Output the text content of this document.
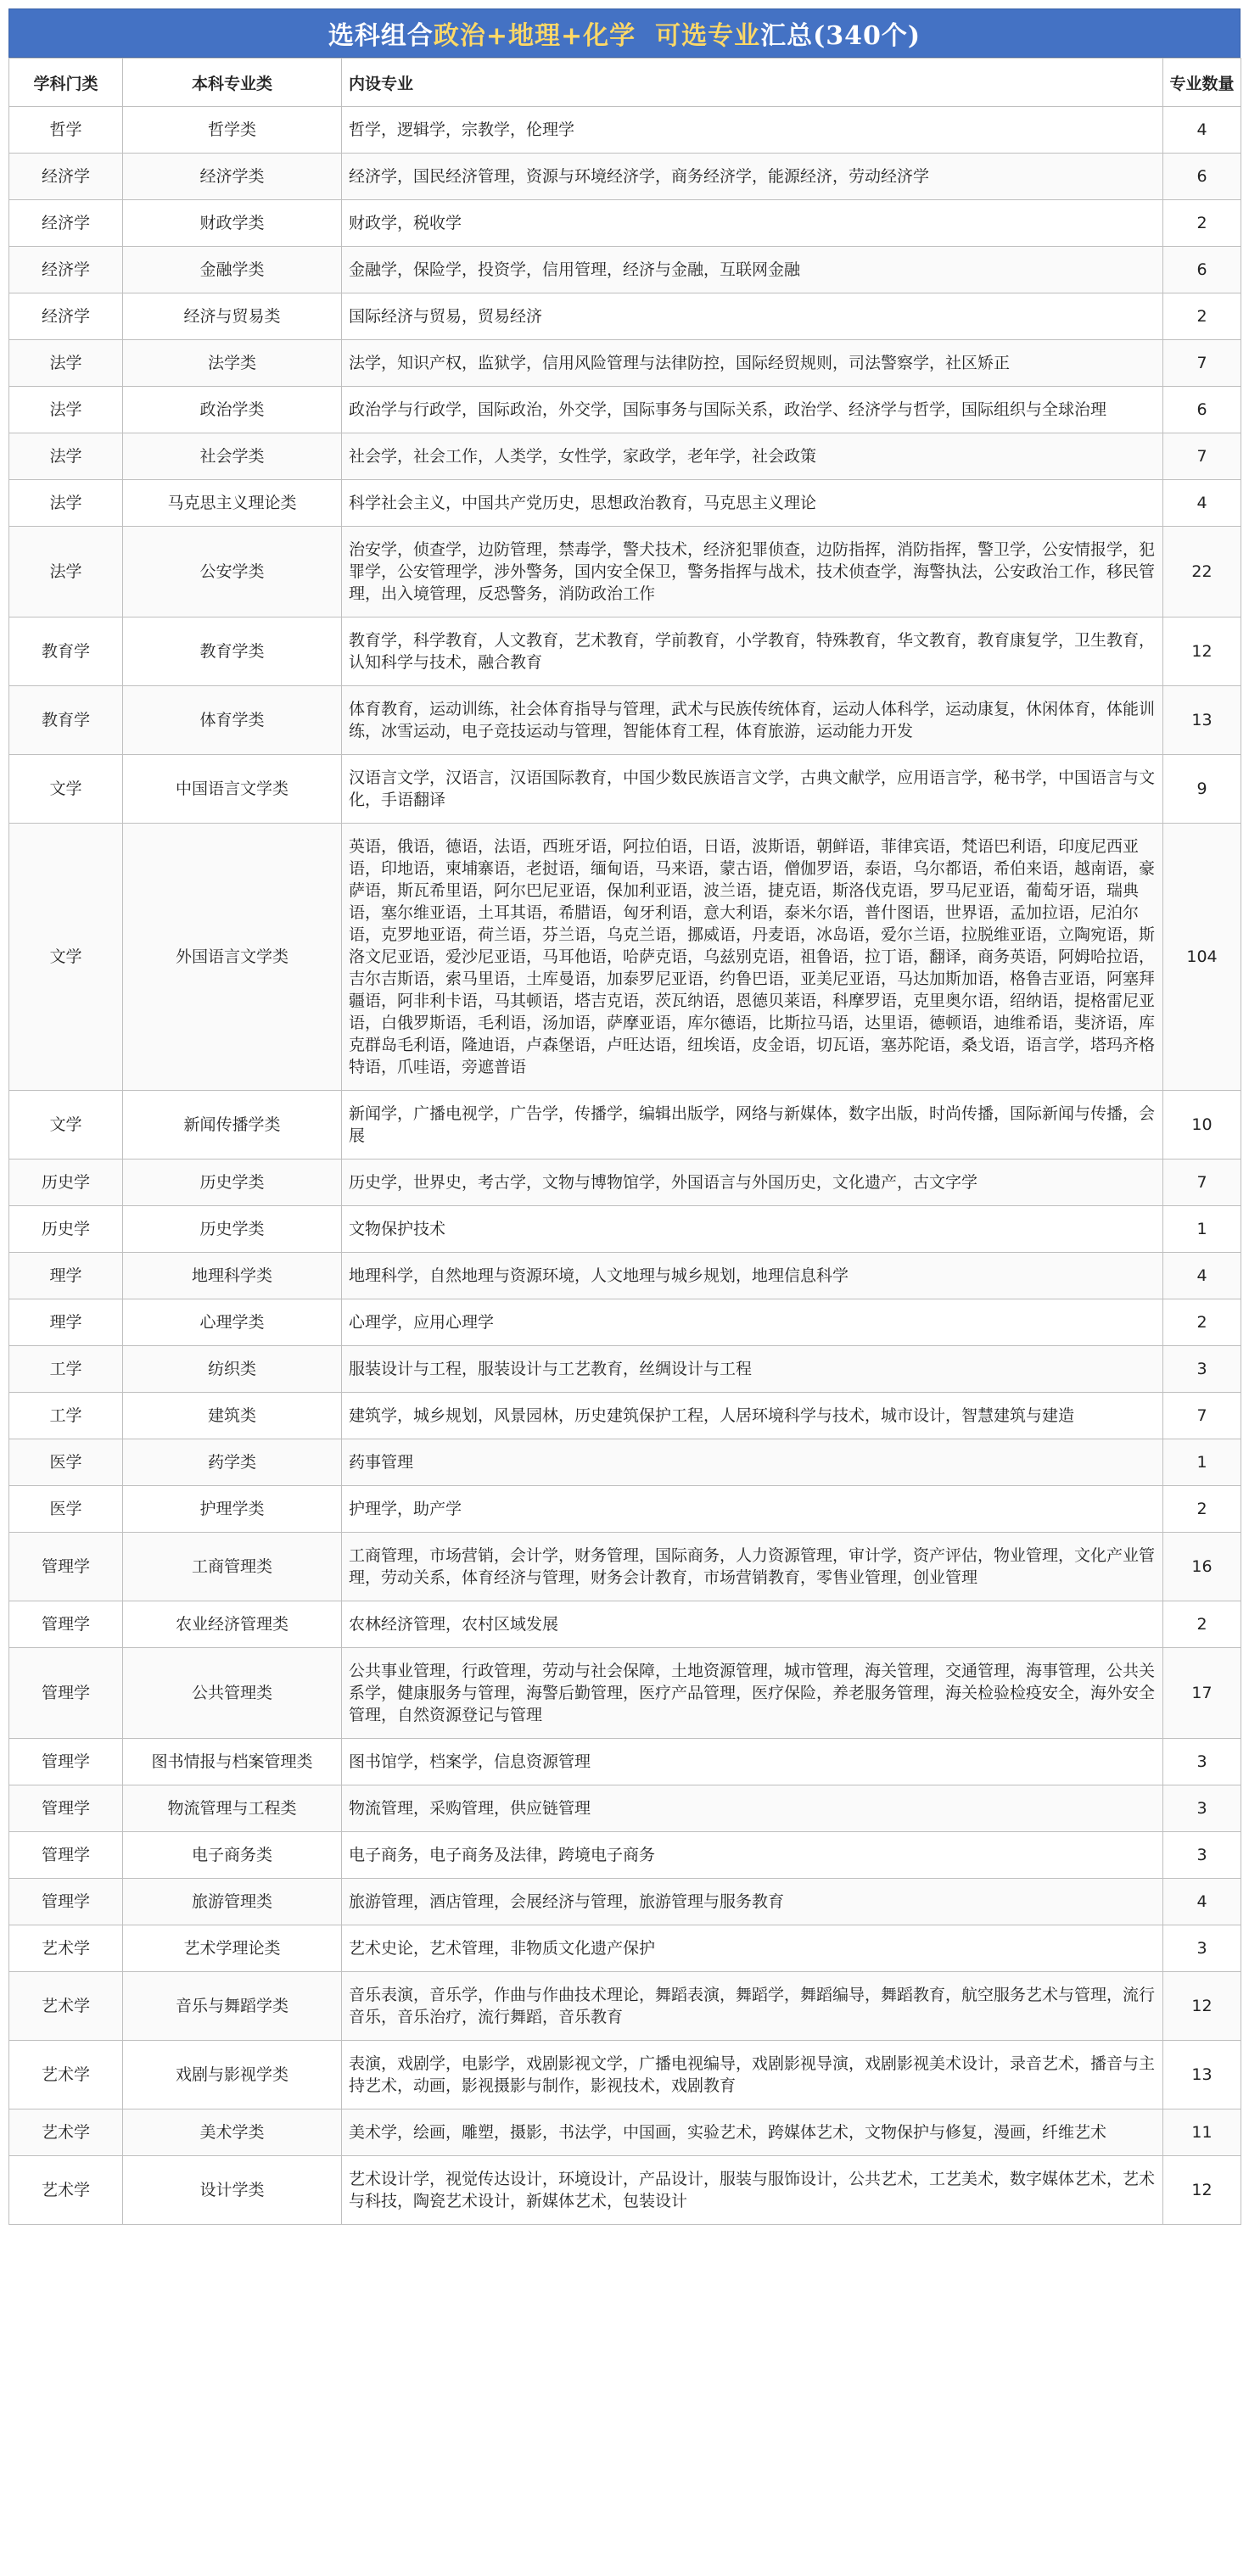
选科组合政治+地理+化学 可选专业汇总(340个)
学科门类	本科专业类	内设专业	专业数量
哲学	哲学类	哲学，逻辑学，宗教学，伦理学	4
经济学	经济学类	经济学，国民经济管理，资源与环境经济学，商务经济学，能源经济，劳动经济学	6
经济学	财政学类	财政学，税收学	2
经济学	金融学类	金融学，保险学，投资学，信用管理，经济与金融，互联网金融	6
经济学	经济与贸易类	国际经济与贸易，贸易经济	2
法学	法学类	法学，知识产权，监狱学，信用风险管理与法律防控，国际经贸规则，司法警察学，社区矫正	7
法学	政治学类	政治学与行政学，国际政治，外交学，国际事务与国际关系，政治学、经济学与哲学，国际组织与全球治理	6
法学	社会学类	社会学，社会工作，人类学，女性学，家政学，老年学，社会政策	7
法学	马克思主义理论类	科学社会主义，中国共产党历史，思想政治教育，马克思主义理论	4
法学	公安学类	治安学，侦查学，边防管理，禁毒学，警犬技术，经济犯罪侦查，边防指挥，消防指挥，警卫学，公安情报学，犯罪学，公安管理学，涉外警务，国内安全保卫，警务指挥与战术，技术侦查学，海警执法，公安政治工作，移民管理，出入境管理，反恐警务，消防政治工作	22
教育学	教育学类	教育学，科学教育，人文教育，艺术教育，学前教育，小学教育，特殊教育，华文教育，教育康复学，卫生教育，认知科学与技术，融合教育	12
教育学	体育学类	体育教育，运动训练，社会体育指导与管理，武术与民族传统体育，运动人体科学，运动康复，休闲体育，体能训练，冰雪运动，电子竞技运动与管理，智能体育工程，体育旅游，运动能力开发	13
文学	中国语言文学类	汉语言文学，汉语言，汉语国际教育，中国少数民族语言文学，古典文献学，应用语言学，秘书学，中国语言与文化，手语翻译	9
文学	外国语言文学类	英语，俄语，德语，法语，西班牙语，阿拉伯语，日语，波斯语，朝鲜语，菲律宾语，梵语巴利语，印度尼西亚语，印地语，柬埔寨语，老挝语，缅甸语，马来语，蒙古语，僧伽罗语，泰语，乌尔都语，希伯来语，越南语，豪萨语，斯瓦希里语，阿尔巴尼亚语，保加利亚语，波兰语，捷克语，斯洛伐克语，罗马尼亚语，葡萄牙语，瑞典语，塞尔维亚语，土耳其语，希腊语，匈牙利语，意大利语，泰米尔语，普什图语，世界语，孟加拉语，尼泊尔语，克罗地亚语，荷兰语，芬兰语，乌克兰语，挪威语，丹麦语，冰岛语，爱尔兰语，拉脱维亚语，立陶宛语，斯洛文尼亚语，爱沙尼亚语，马耳他语，哈萨克语，乌兹别克语，祖鲁语，拉丁语，翻译，商务英语，阿姆哈拉语，吉尔吉斯语，索马里语，土库曼语，加泰罗尼亚语，约鲁巴语，亚美尼亚语，马达加斯加语，格鲁吉亚语，阿塞拜疆语，阿非利卡语，马其顿语，塔吉克语，茨瓦纳语，恩德贝莱语，科摩罗语，克里奥尔语，绍纳语，提格雷尼亚语，白俄罗斯语，毛利语，汤加语，萨摩亚语，库尔德语，比斯拉马语，达里语，德顿语，迪维希语，斐济语，库克群岛毛利语，隆迪语，卢森堡语，卢旺达语，纽埃语，皮金语，切瓦语，塞苏陀语，桑戈语，语言学，塔玛齐格特语，爪哇语，旁遮普语	104
文学	新闻传播学类	新闻学，广播电视学，广告学，传播学，编辑出版学，网络与新媒体，数字出版，时尚传播，国际新闻与传播，会展	10
历史学	历史学类	历史学，世界史，考古学，文物与博物馆学，外国语言与外国历史，文化遗产，古文字学	7
历史学	历史学类	文物保护技术	1
理学	地理科学类	地理科学，自然地理与资源环境，人文地理与城乡规划，地理信息科学	4
理学	心理学类	心理学，应用心理学	2
工学	纺织类	服装设计与工程，服装设计与工艺教育，丝绸设计与工程	3
工学	建筑类	建筑学，城乡规划，风景园林，历史建筑保护工程，人居环境科学与技术，城市设计，智慧建筑与建造	7
医学	药学类	药事管理	1
医学	护理学类	护理学，助产学	2
管理学	工商管理类	工商管理，市场营销，会计学，财务管理，国际商务，人力资源管理，审计学，资产评估，物业管理，文化产业管理，劳动关系，体育经济与管理，财务会计教育，市场营销教育，零售业管理，创业管理	16
管理学	农业经济管理类	农林经济管理，农村区域发展	2
管理学	公共管理类	公共事业管理，行政管理，劳动与社会保障，土地资源管理，城市管理，海关管理，交通管理，海事管理，公共关系学，健康服务与管理，海警后勤管理，医疗产品管理，医疗保险，养老服务管理，海关检验检疫安全，海外安全管理，自然资源登记与管理	17
管理学	图书情报与档案管理类	图书馆学，档案学，信息资源管理	3
管理学	物流管理与工程类	物流管理，采购管理，供应链管理	3
管理学	电子商务类	电子商务，电子商务及法律，跨境电子商务	3
管理学	旅游管理类	旅游管理，酒店管理，会展经济与管理，旅游管理与服务教育	4
艺术学	艺术学理论类	艺术史论，艺术管理，非物质文化遗产保护	3
艺术学	音乐与舞蹈学类	音乐表演，音乐学，作曲与作曲技术理论，舞蹈表演，舞蹈学，舞蹈编导，舞蹈教育，航空服务艺术与管理，流行音乐，音乐治疗，流行舞蹈，音乐教育	12
艺术学	戏剧与影视学类	表演，戏剧学，电影学，戏剧影视文学，广播电视编导，戏剧影视导演，戏剧影视美术设计，录音艺术，播音与主持艺术，动画，影视摄影与制作，影视技术，戏剧教育	13
艺术学	美术学类	美术学，绘画，雕塑，摄影，书法学，中国画，实验艺术，跨媒体艺术，文物保护与修复，漫画，纤维艺术	11
艺术学	设计学类	艺术设计学，视觉传达设计，环境设计，产品设计，服装与服饰设计，公共艺术，工艺美术，数字媒体艺术，艺术与科技，陶瓷艺术设计，新媒体艺术，包装设计	12
